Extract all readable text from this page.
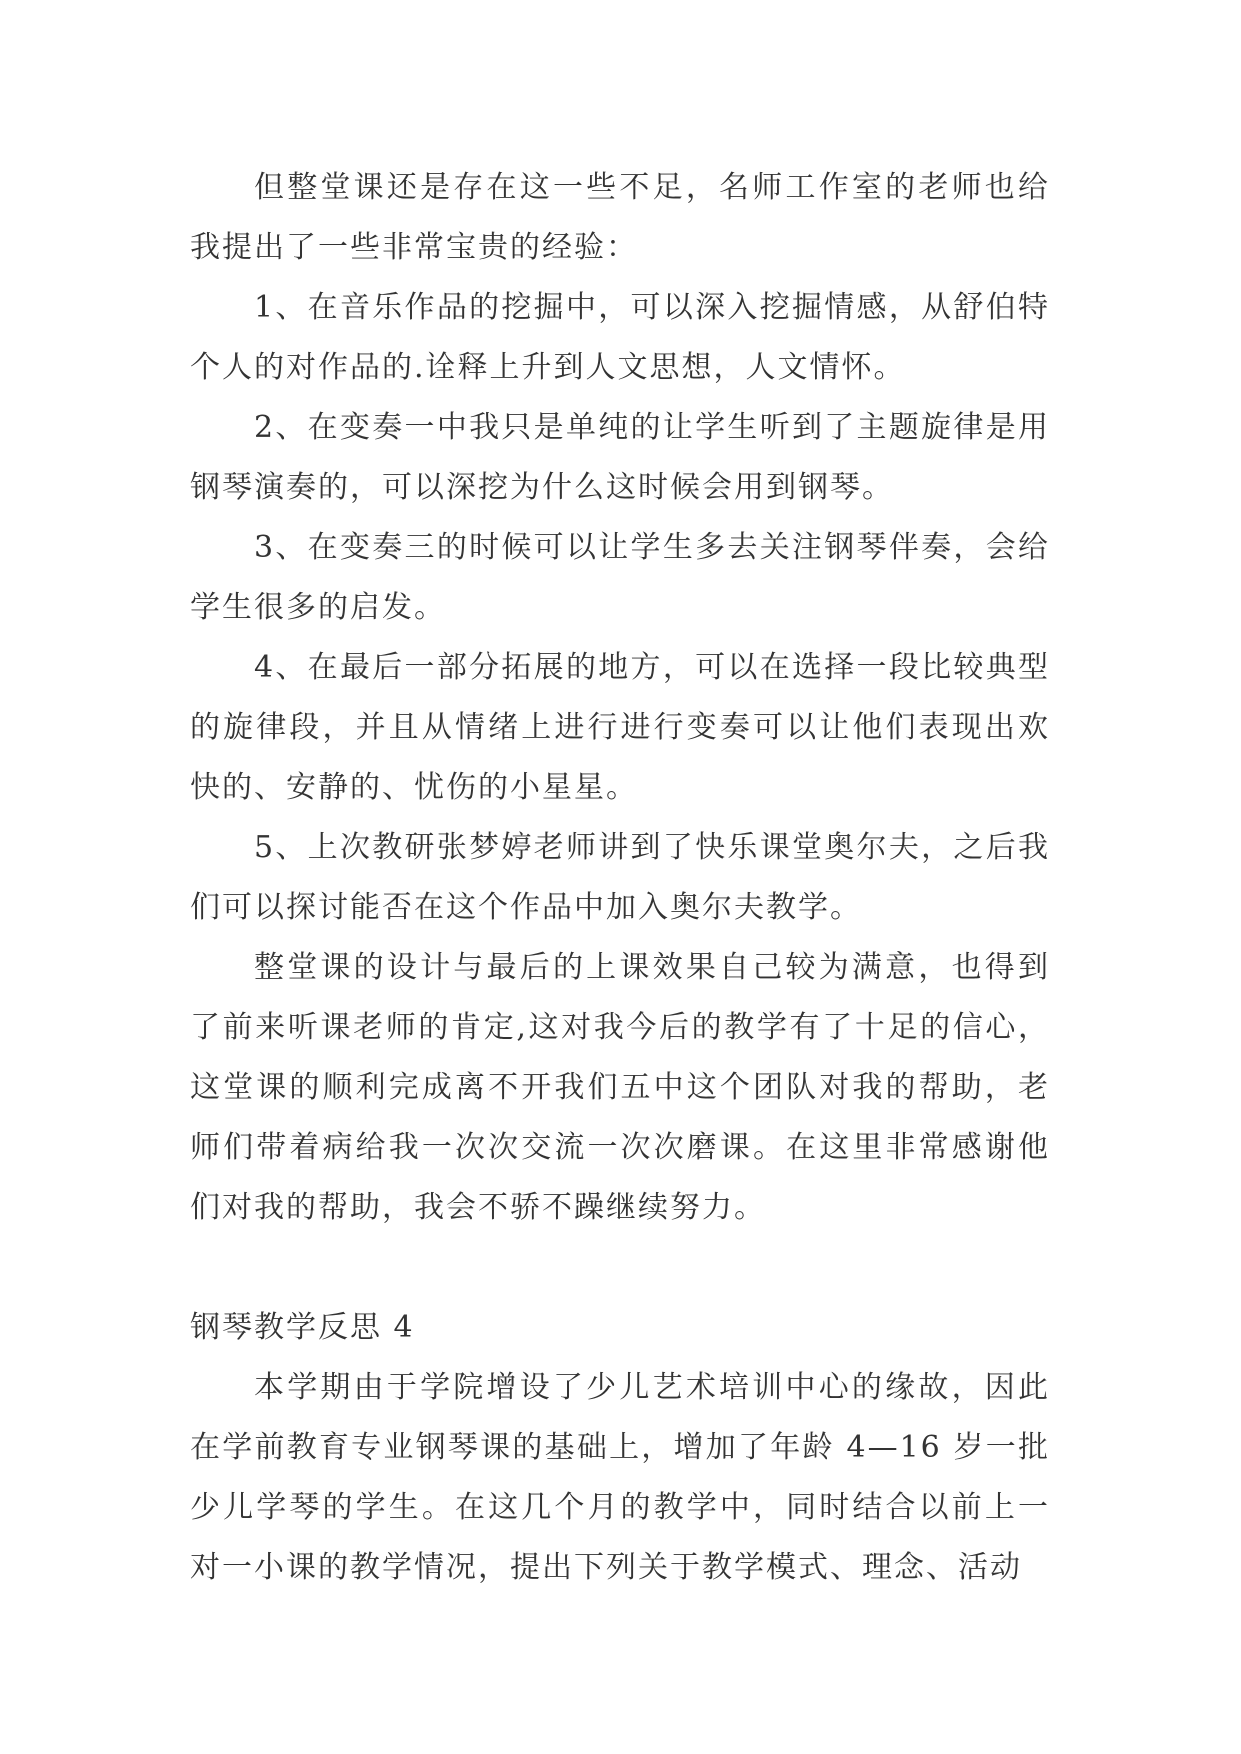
但整堂课还是存在这一些不足，名师工作室的老师也给我提出了一些非常宝贵的经验：

1、在音乐作品的挖掘中，可以深入挖掘情感，从舒伯特个人的对作品的.诠释上升到人文思想，人文情怀。

2、在变奏一中我只是单纯的让学生听到了主题旋律是用钢琴演奏的，可以深挖为什么这时候会用到钢琴。

3、在变奏三的时候可以让学生多去关注钢琴伴奏，会给学生很多的启发。

4、在最后一部分拓展的地方，可以在选择一段比较典型的旋律段，并且从情绪上进行进行变奏可以让他们表现出欢快的、安静的、忧伤的小星星。

5、上次教研张梦婷老师讲到了快乐课堂奥尔夫，之后我们可以探讨能否在这个作品中加入奥尔夫教学。

整堂课的设计与最后的上课效果自己较为满意，也得到了前来听课老师的肯定,这对我今后的教学有了十足的信心，这堂课的顺利完成离不开我们五中这个团队对我的帮助，老师们带着病给我一次次交流一次次磨课。在这里非常感谢他们对我的帮助，我会不骄不躁继续努力。

钢琴教学反思 4

本学期由于学院增设了少儿艺术培训中心的缘故，因此在学前教育专业钢琴课的基础上，增加了年龄 4—16 岁一批少儿学琴的学生。在这几个月的教学中，同时结合以前上一对一小课的教学情况，提出下列关于教学模式、理念、活动
